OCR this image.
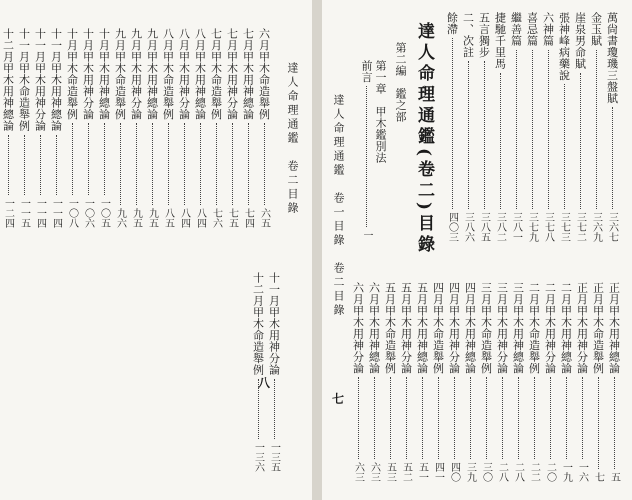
六月甲木命造舉例
六五
七月甲木用神總論
七四
七月甲木用神分論
七五
七月甲木命造舉例
七六
八月甲木用神總論
八四
八月甲木用神分論
八四
八月甲木命造舉例
八五
九月甲木用神總論
九五
九月甲木用神分論
九五
九月甲木命造舉例
九六
十月甲木用神總論
一〇五
十月甲木用神分論
一〇六
十月甲木命造舉例
一〇八
十一月甲木用神總論
一一四
十一月甲木用神分論
一一四
十一月甲木命造舉例
一一五
十二月甲木用神總論
一二四	達人命理通鑑　卷二目錄
十一月甲木用神分論
一三五
十二月甲木命造舉例
一三六
八
萬尙書瓊璣三盤賦
三六七
金玉賦
三六九
崖泉男命賦
三七二
張神峰病藥說
三七三
六神篇
三七八
喜忌篇
三七九
繼善篇
三八一
捷馳千里馬
三八二
五言獨步
三八五
二、次註
三八六
餘滯
四〇三
達人命理通鑑(卷二)目錄
第二編　鑑之部
第一章　甲木鑑別法
前言
一
達人命理通鑑　卷一目錄　卷二目錄
正月甲木用神總論
五
正月甲木命造舉例
七
正月甲木用神分論
一六
二月甲木用神總論
一九
二月甲木用神分論
二〇
二月甲木命造舉例
二二
三月甲木用神總論
二八
三月甲木用神分論
二八
三月甲木命造舉例
三〇
四月甲木用神總論
三九
四月甲木用神分論
四〇
四月甲木命造舉例
四一
五月甲木用神總論
五一
五月甲木用神分論
五二
五月甲木命造舉例
五三
六月甲木用神總論
六三
六月甲木用神分論
六三
七
